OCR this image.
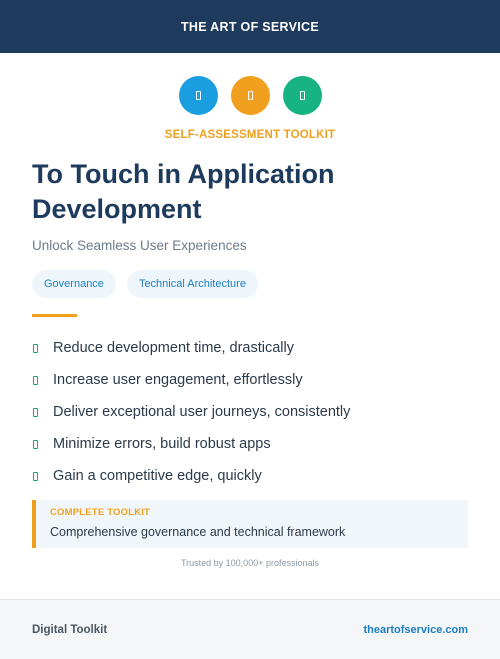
THE ART OF SERVICE
SELF-ASSESSMENT TOOLKIT
To Touch in Application
Development
Unlock Seamless User Experiences
Governance	Technical Architecture
Reduce development time, drastically
Increase user engagement, effortlessly
Deliver exceptional user journeys, consistently
Minimize errors, build robust apps
Gain a competitive edge, quickly
COMPLETE TOOLKIT
Comprehensive governance and technical framework
Trusted by 100,000+ professionals
Digital Toolkit	theartofservice.com
